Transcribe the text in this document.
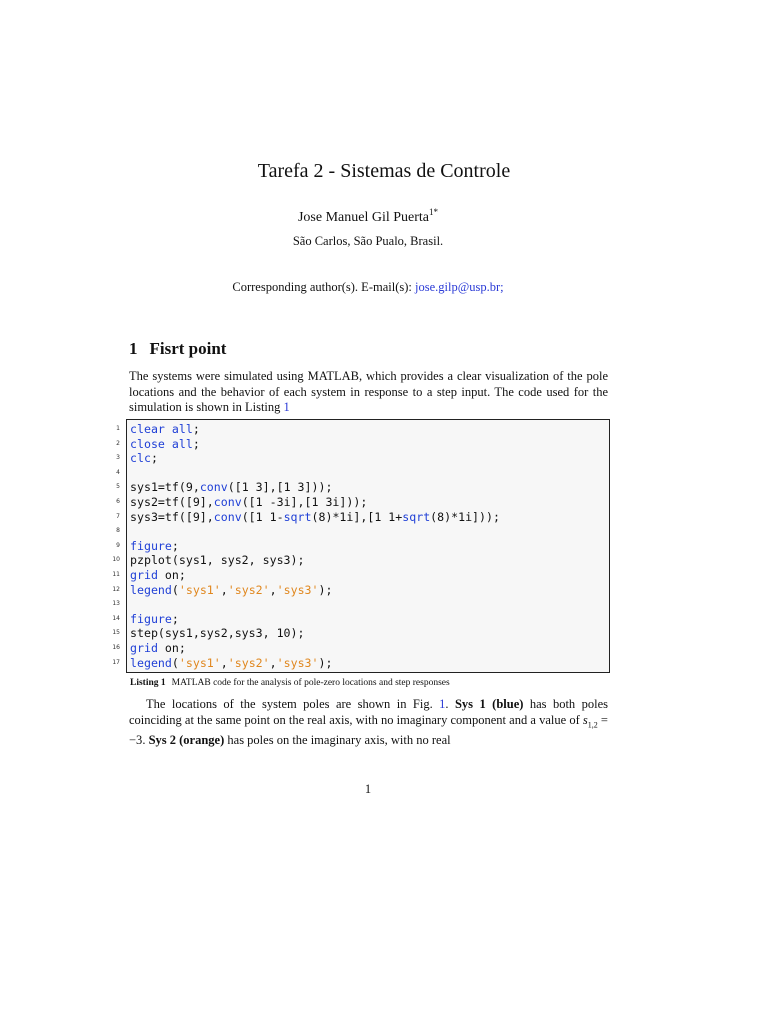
Tarefa 2 - Sistemas de Controle
Jose Manuel Gil Puerta$^{1*}$
São Carlos, São Pualo, Brasil.
Corresponding author(s). E-mail(s): jose.gilp@usp.br;
1 Fisrt point
The systems were simulated using MATLAB, which provides a clear visualization of the pole locations and the behavior of each system in response to a step input. The code used for the simulation is shown in Listing 1
1
2
3
4
5
6
7
8
9
10
11
12
13
14
15
16
17
clear all;
close all;
clc;
sys1=tf(9,conv([1 3],[1 3]));
sys2=tf([9],conv([1 -3i],[1 3i]));
sys3=tf([9],conv([1 1-sqrt(8)*1i],[1 1+sqrt(8)*1i]));
figure;
pzplot(sys1, sys2, sys3);
grid on;
legend('sys1','sys2','sys3');
figure;
step(sys1,sys2,sys3, 10);
grid on;
legend('sys1','sys2','sys3');
Listing 1 MATLAB code for the analysis of pole-zero locations and step responses
The locations of the system poles are shown in Fig. 1. Sys 1 (blue) has both poles coinciding at the same point on the real axis, with no imaginary component and a value of $s_{1,2} = -3$. Sys 2 (orange) has poles on the imaginary axis, with no real
1
